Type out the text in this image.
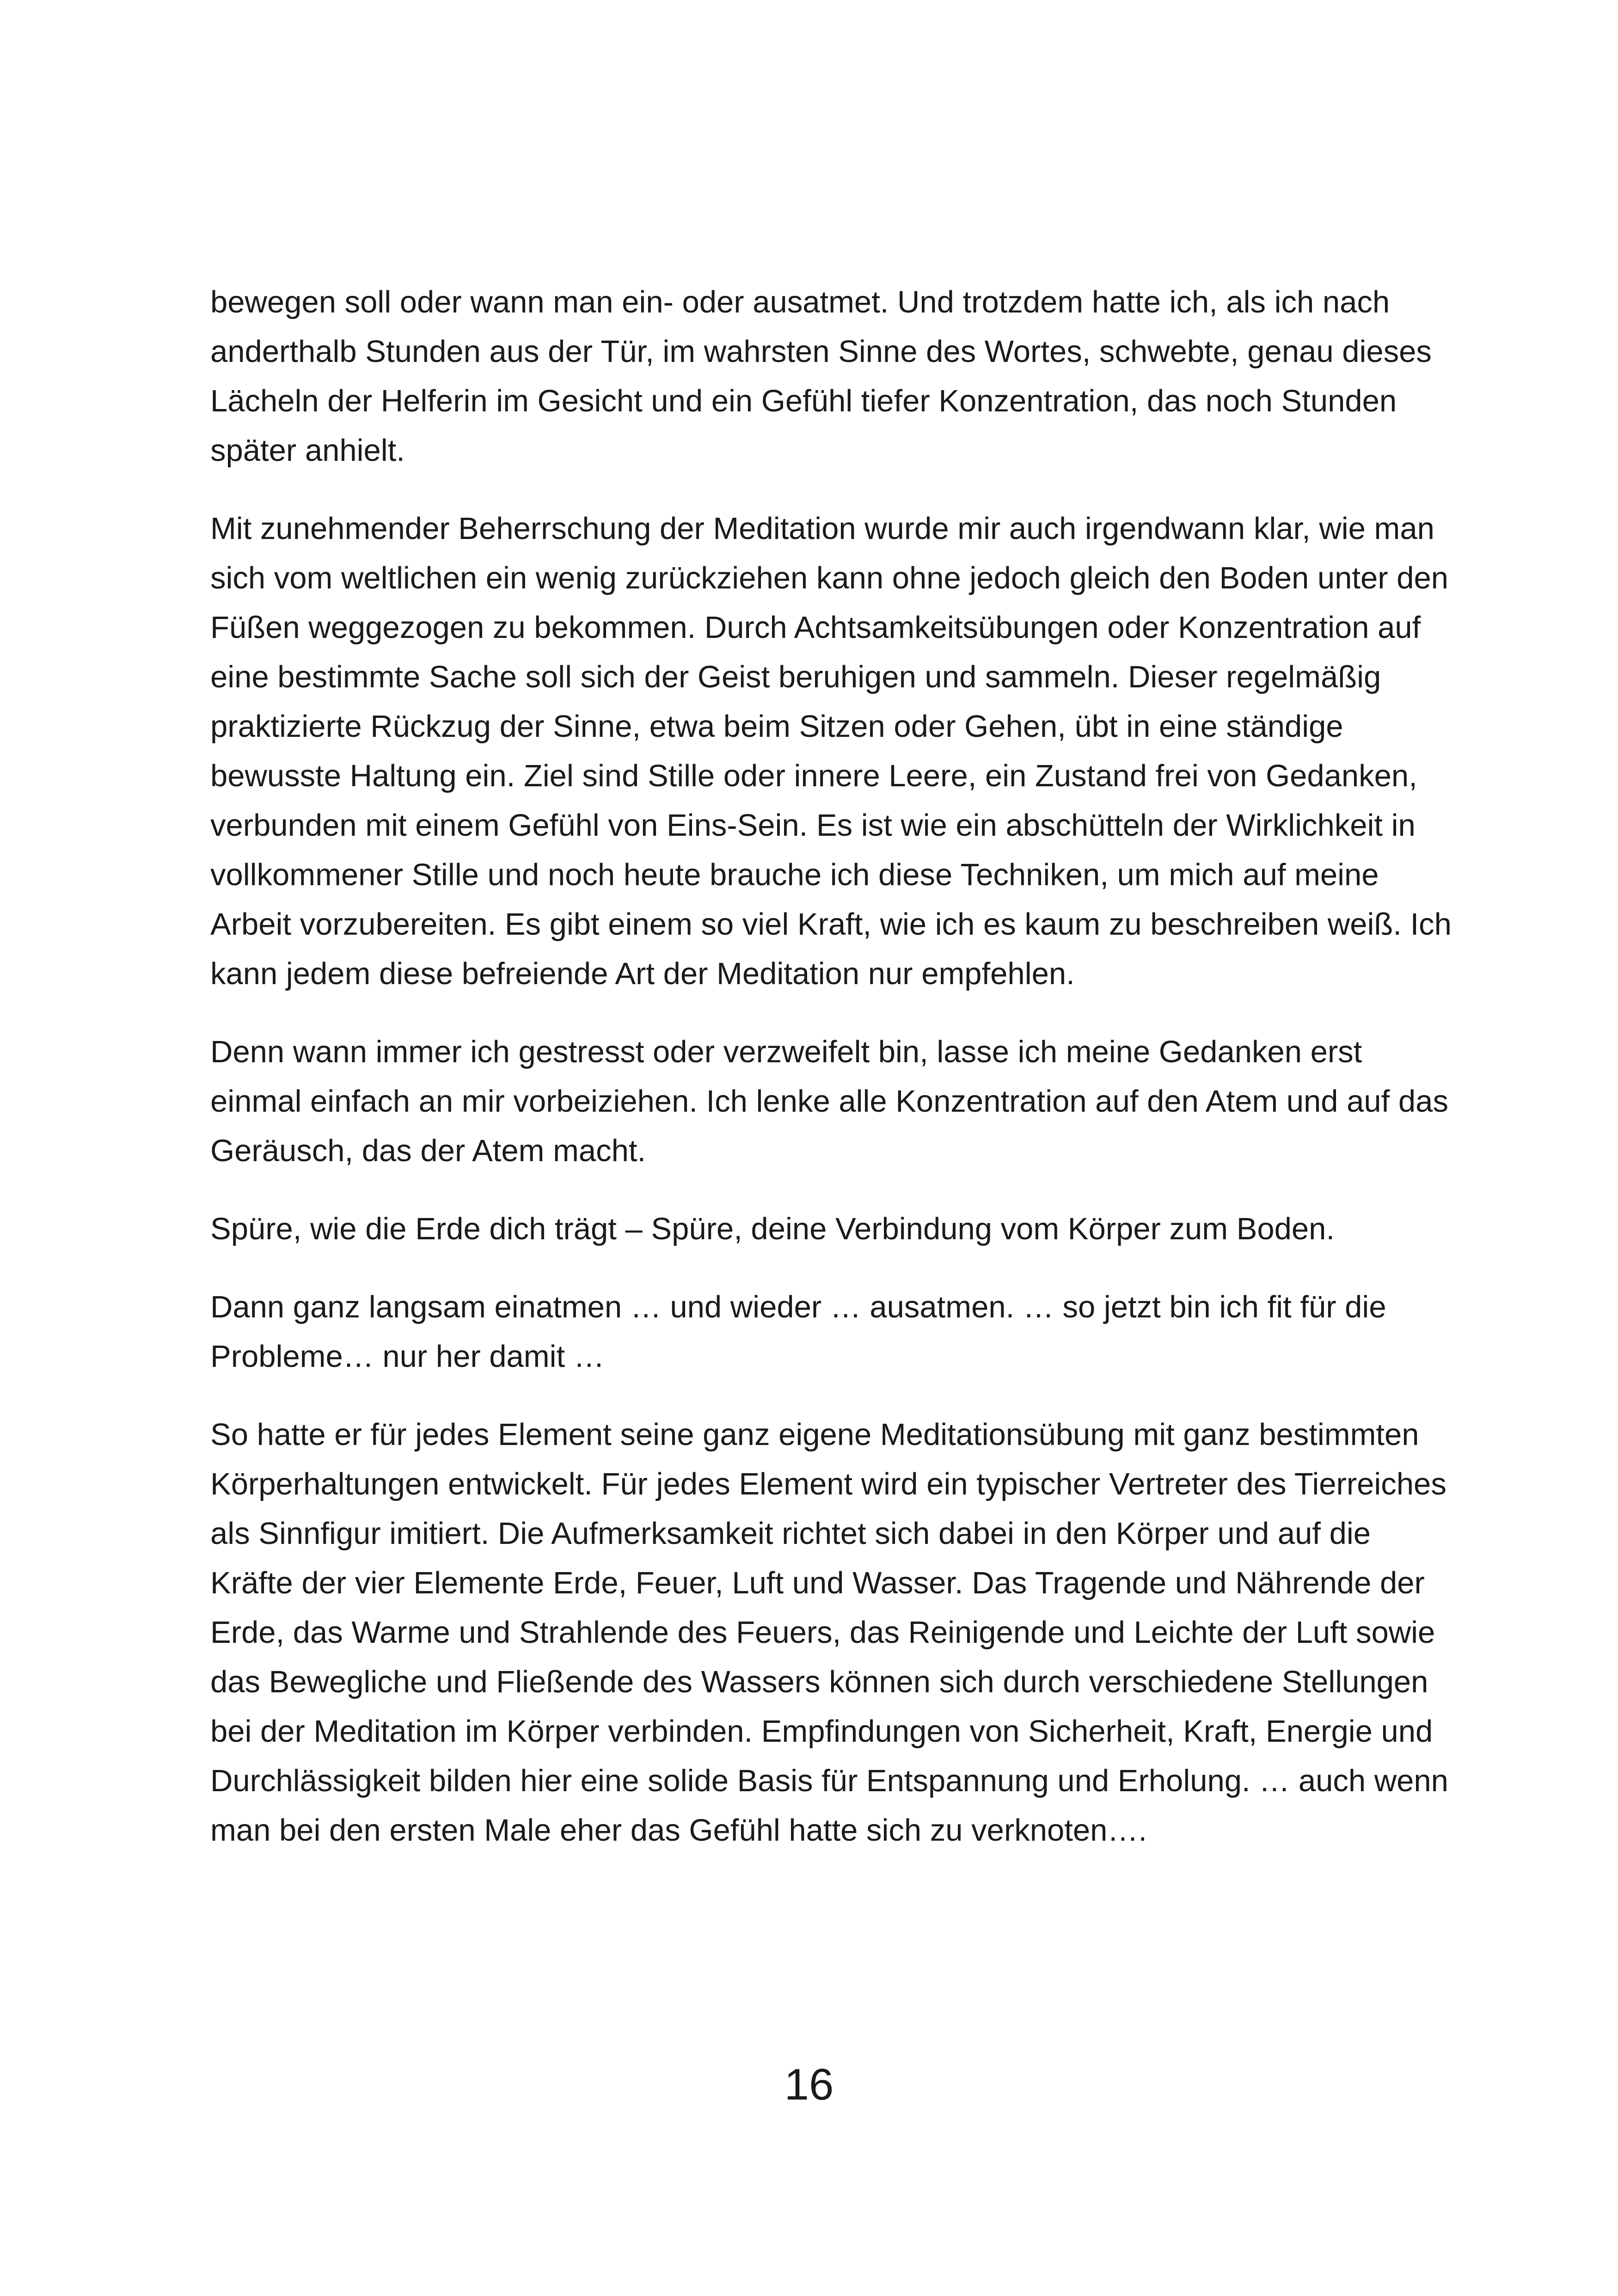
bewegen soll oder wann man ein- oder ausatmet. Und trotzdem hatte ich, als ich nach anderthalb Stunden aus der Tür, im wahrsten Sinne des Wortes, schwebte, genau dieses Lächeln der Helferin im Gesicht und ein Gefühl tiefer Konzentration, das noch Stunden später anhielt.

Mit zunehmender Beherrschung der Meditation wurde mir auch irgendwann klar, wie man sich vom weltlichen ein wenig zurückziehen kann ohne jedoch gleich den Boden unter den Füßen weggezogen zu bekommen. Durch Achtsamkeitsübungen oder Konzentration auf eine bestimmte Sache soll sich der Geist beruhigen und sammeln. Dieser regelmäßig praktizierte Rückzug der Sinne, etwa beim Sitzen oder Gehen, übt in eine ständige bewusste Haltung ein. Ziel sind Stille oder innere Leere, ein Zustand frei von Gedanken, verbunden mit einem Gefühl von Eins-Sein. Es ist wie ein abschütteln der Wirklichkeit in vollkommener Stille und noch heute brauche ich diese Techniken, um mich auf meine Arbeit vorzubereiten. Es gibt einem so viel Kraft, wie ich es kaum zu beschreiben weiß. Ich kann jedem diese befreiende Art der Meditation nur empfehlen.

Denn wann immer ich gestresst oder verzweifelt bin, lasse ich meine Gedanken erst einmal einfach an mir vorbeiziehen. Ich lenke alle Konzentration auf den Atem und auf das Geräusch, das der Atem macht.

Spüre, wie die Erde dich trägt – Spüre, deine Verbindung vom Körper zum Boden.

Dann ganz langsam einatmen … und wieder … ausatmen. … so jetzt bin ich fit für die Probleme… nur her damit …

So hatte er für jedes Element seine ganz eigene Meditationsübung mit ganz bestimmten Körperhaltungen entwickelt. Für jedes Element wird ein typischer Vertreter des Tierreiches als Sinnfigur imitiert. Die Aufmerksamkeit richtet sich dabei in den Körper und auf die Kräfte der vier Elemente Erde, Feuer, Luft und Wasser. Das Tragende und Nährende der Erde, das Warme und Strahlende des Feuers, das Reinigende und Leichte der Luft sowie das Bewegliche und Fließende des Wassers können sich durch verschiedene Stellungen bei der Meditation im Körper verbinden. Empfindungen von Sicherheit, Kraft, Energie und Durchlässigkeit bilden hier eine solide Basis für Entspannung und Erholung. … auch wenn man bei den ersten Male eher das Gefühl hatte sich zu verknoten….

16
